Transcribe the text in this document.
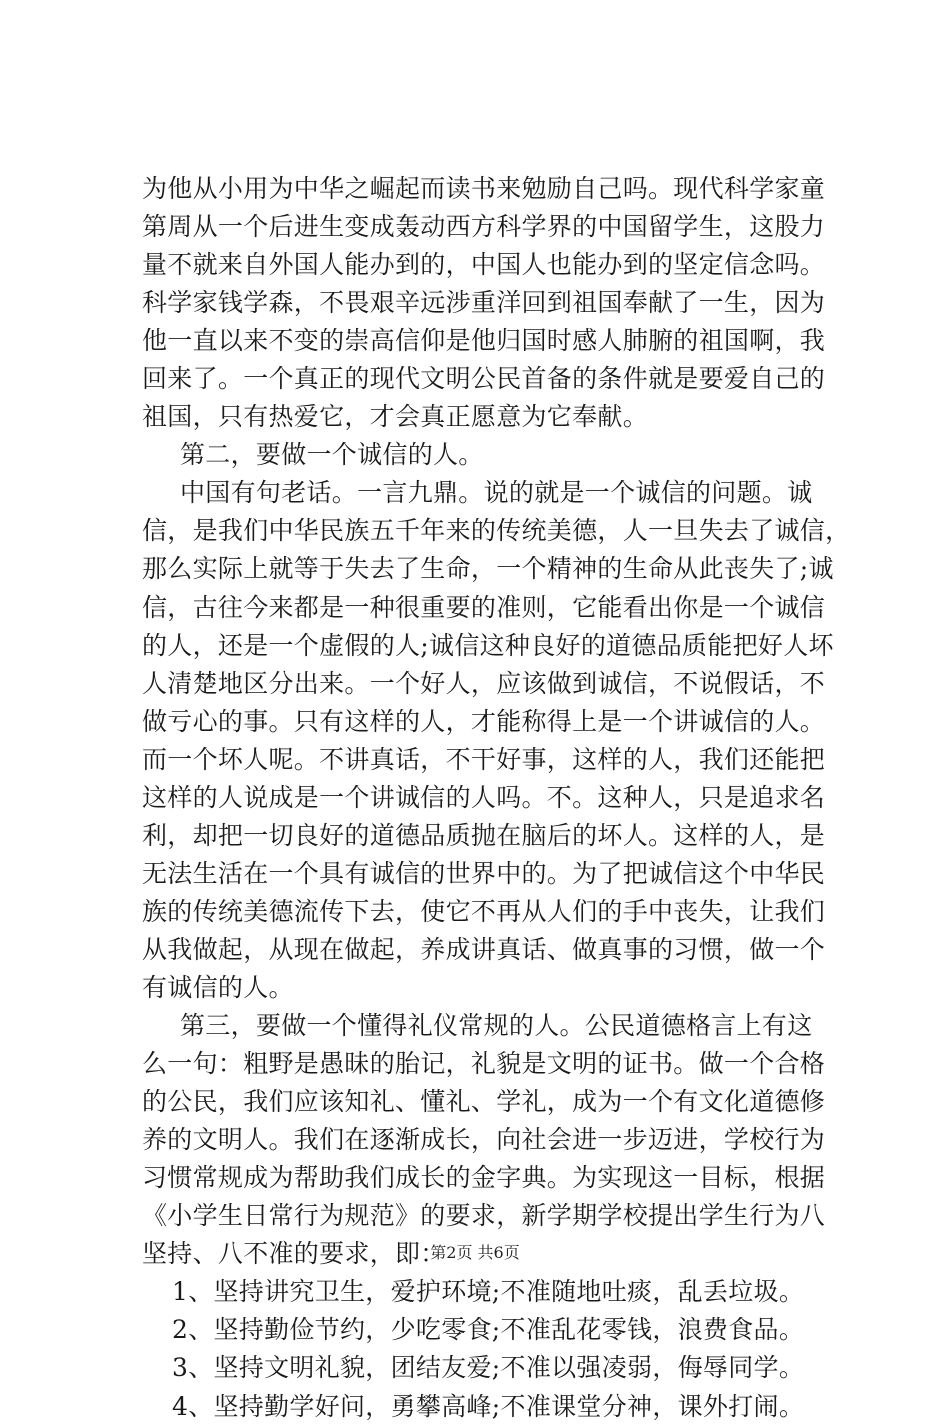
为他从小用为中华之崛起而读书来勉励自己吗。现代科学家童
第周从一个后进生变成轰动西方科学界的中国留学生，这股力
量不就来自外国人能办到的，中国人也能办到的坚定信念吗。
科学家钱学森，不畏艰辛远涉重洋回到祖国奉献了一生，因为
他一直以来不变的崇高信仰是他归国时感人肺腑的祖国啊，我
回来了。一个真正的现代文明公民首备的条件就是要爱自己的
祖国，只有热爱它，才会真正愿意为它奉献。
第二，要做一个诚信的人。
中国有句老话。一言九鼎。说的就是一个诚信的问题。诚
信，是我们中华民族五千年来的传统美德，人一旦失去了诚信，
那么实际上就等于失去了生命，一个精神的生命从此丧失了;诚
信，古往今来都是一种很重要的准则，它能看出你是一个诚信
的人，还是一个虚假的人;诚信这种良好的道德品质能把好人坏
人清楚地区分出来。一个好人，应该做到诚信，不说假话，不
做亏心的事。只有这样的人，才能称得上是一个讲诚信的人。
而一个坏人呢。不讲真话，不干好事，这样的人，我们还能把
这样的人说成是一个讲诚信的人吗。不。这种人，只是追求名
利，却把一切良好的道德品质抛在脑后的坏人。这样的人，是
无法生活在一个具有诚信的世界中的。为了把诚信这个中华民
族的传统美德流传下去，使它不再从人们的手中丧失，让我们
从我做起，从现在做起，养成讲真话、做真事的习惯，做一个
有诚信的人。
第三，要做一个懂得礼仪常规的人。公民道德格言上有这
么一句：粗野是愚昧的胎记，礼貌是文明的证书。做一个合格
的公民，我们应该知礼、懂礼、学礼，成为一个有文化道德修
养的文明人。我们在逐渐成长，向社会进一步迈进，学校行为
习惯常规成为帮助我们成长的金字典。为实现这一目标，根据
《小学生日常行为规范》的要求，新学期学校提出学生行为八
坚持、八不准的要求，即：
1、坚持讲究卫生，爱护环境;不准随地吐痰，乱丢垃圾。
2、坚持勤俭节约，少吃零食;不准乱花零钱，浪费食品。
3、坚持文明礼貌，团结友爱;不准以强凌弱，侮辱同学。
4、坚持勤学好问，勇攀高峰;不准课堂分神，课外打闹。
第2页 共6页
